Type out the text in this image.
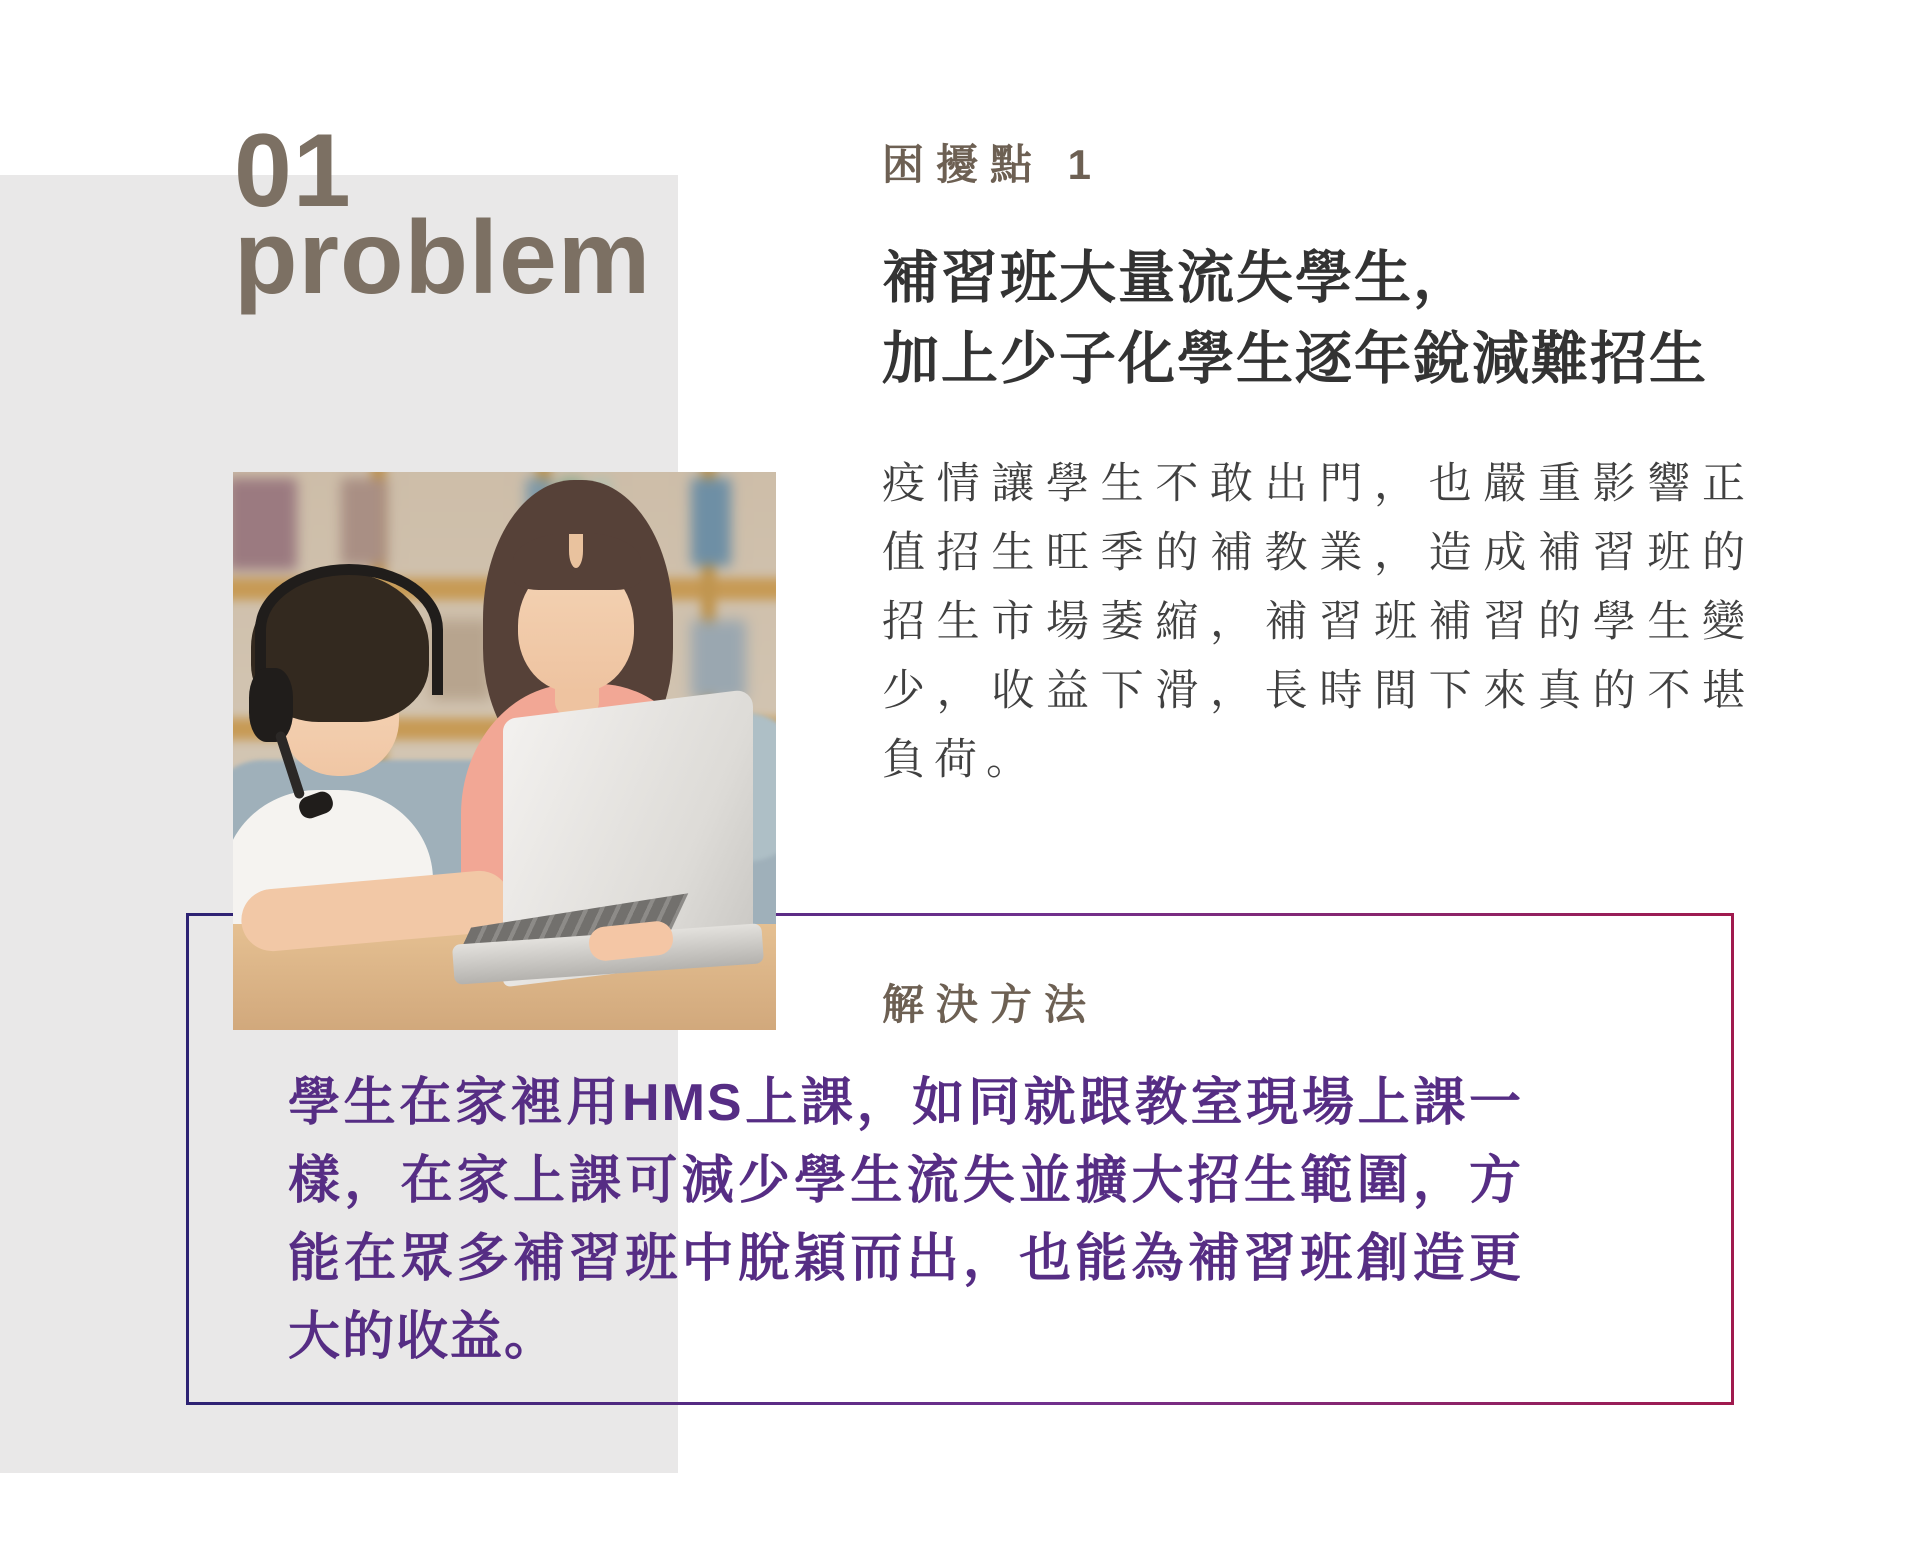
01
problem
困擾點 1
補習班大量流失學生，
加上少子化學生逐年銳減難招生
疫情讓學生不敢出門，也嚴重影響正值招生旺季的補教業，造成補習班的招生市場萎縮，補習班補習的學生變少，收益下滑，長時間下來真的不堪負荷。
解決方法
學生在家裡用HMS上課，如同就跟教室現場上課一樣，在家上課可減少學生流失並擴大招生範圍，方能在眾多補習班中脫穎而出，也能為補習班創造更大的收益。
